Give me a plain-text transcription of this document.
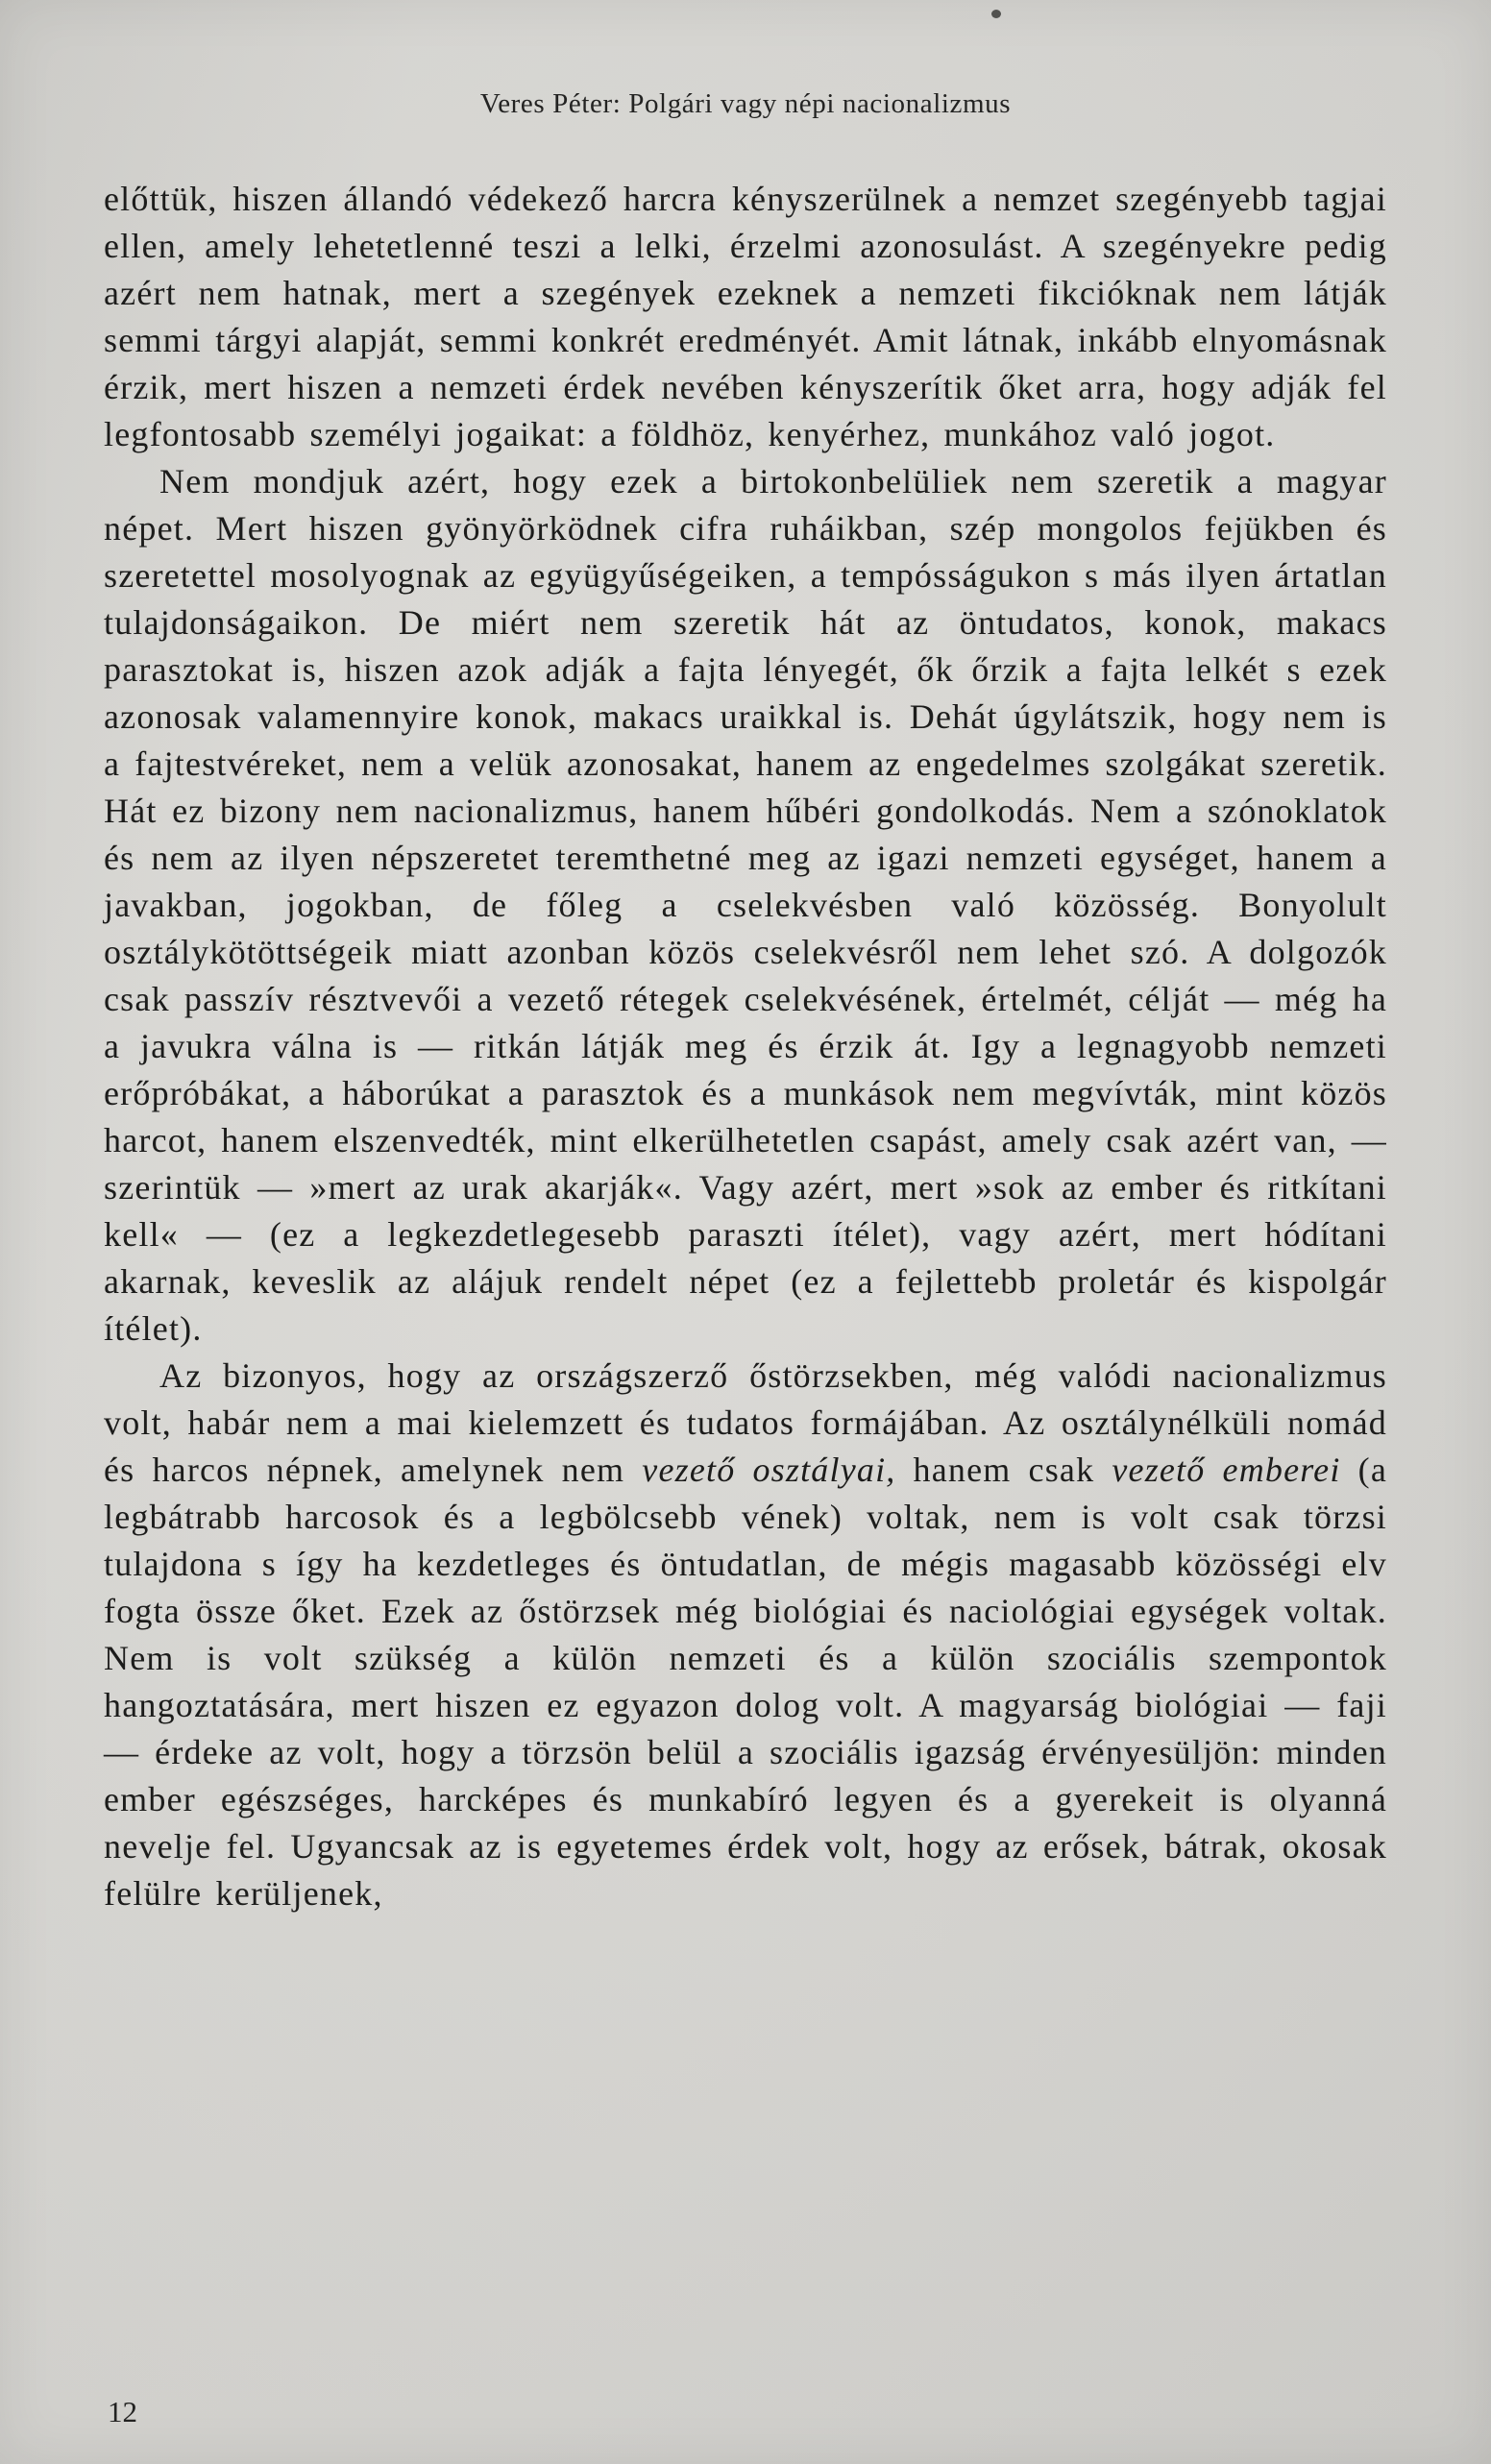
Veres Péter: Polgári vagy népi nacionalizmus

előttük, hiszen állandó védekező harcra kényszerülnek a nemzet szegényebb tagjai ellen, amely lehetetlenné teszi a lelki, érzelmi azonosulást. A szegényekre pedig azért nem hatnak, mert a szegények ezeknek a nemzeti fikcióknak nem látják semmi tárgyi alapját, semmi konkrét eredményét. Amit látnak, inkább elnyomásnak érzik, mert hiszen a nemzeti érdek nevében kényszerítik őket arra, hogy adják fel legfontosabb személyi jogaikat: a földhöz, kenyérhez, munkához való jogot.

Nem mondjuk azért, hogy ezek a birtokonbelüliek nem szeretik a magyar népet. Mert hiszen gyönyörködnek cifra ruháikban, szép mongolos fejükben és szeretettel mosolyognak az együgyűségeiken, a tempósságukon s más ilyen ártatlan tulajdonságaikon. De miért nem szeretik hát az öntudatos, konok, makacs parasztokat is, hiszen azok adják a fajta lényegét, ők őrzik a fajta lelkét s ezek azonosak valamennyire konok, makacs uraikkal is. Dehát úgylátszik, hogy nem is a fajtestvéreket, nem a velük azonosakat, hanem az engedelmes szolgákat szeretik. Hát ez bizony nem nacionalizmus, hanem hűbéri gondolkodás. Nem a szónoklatok és nem az ilyen népszeretet teremthetné meg az igazi nemzeti egységet, hanem a javakban, jogokban, de főleg a cselekvésben való közösség. Bonyolult osztálykötöttségeik miatt azonban közös cselekvésről nem lehet szó. A dolgozók csak passzív résztvevői a vezető rétegek cselekvésének, értelmét, célját — még ha a javukra válna is — ritkán látják meg és érzik át. Igy a legnagyobb nemzeti erőpróbákat, a háborúkat a parasztok és a munkások nem megvívták, mint közös harcot, hanem elszenvedték, mint elkerülhetetlen csapást, amely csak azért van, — szerintük — »mert az urak akarják«. Vagy azért, mert »sok az ember és ritkítani kell« — (ez a legkezdetlegesebb paraszti ítélet), vagy azért, mert hódítani akarnak, keveslik az alájuk rendelt népet (ez a fejlettebb proletár és kispolgár ítélet).

Az bizonyos, hogy az országszerző őstörzsekben, még valódi nacionalizmus volt, habár nem a mai kielemzett és tudatos formájában. Az osztálynélküli nomád és harcos népnek, amelynek nem vezető osztályai, hanem csak vezető emberei (a legbátrabb harcosok és a legbölcsebb vének) voltak, nem is volt csak törzsi tulajdona s így ha kezdetleges és öntudatlan, de mégis magasabb közösségi elv fogta össze őket. Ezek az őstörzsek még biológiai és naciológiai egységek voltak. Nem is volt szükség a külön nemzeti és a külön szociális szempontok hangoztatására, mert hiszen ez egyazon dolog volt. A magyarság biológiai — faji — érdeke az volt, hogy a törzsön belül a szociális igazság érvényesüljön: minden ember egészséges, harcképes és munkabíró legyen és a gyerekeit is olyanná nevelje fel. Ugyancsak az is egyetemes érdek volt, hogy az erősek, bátrak, okosak felülre kerüljenek,

12
